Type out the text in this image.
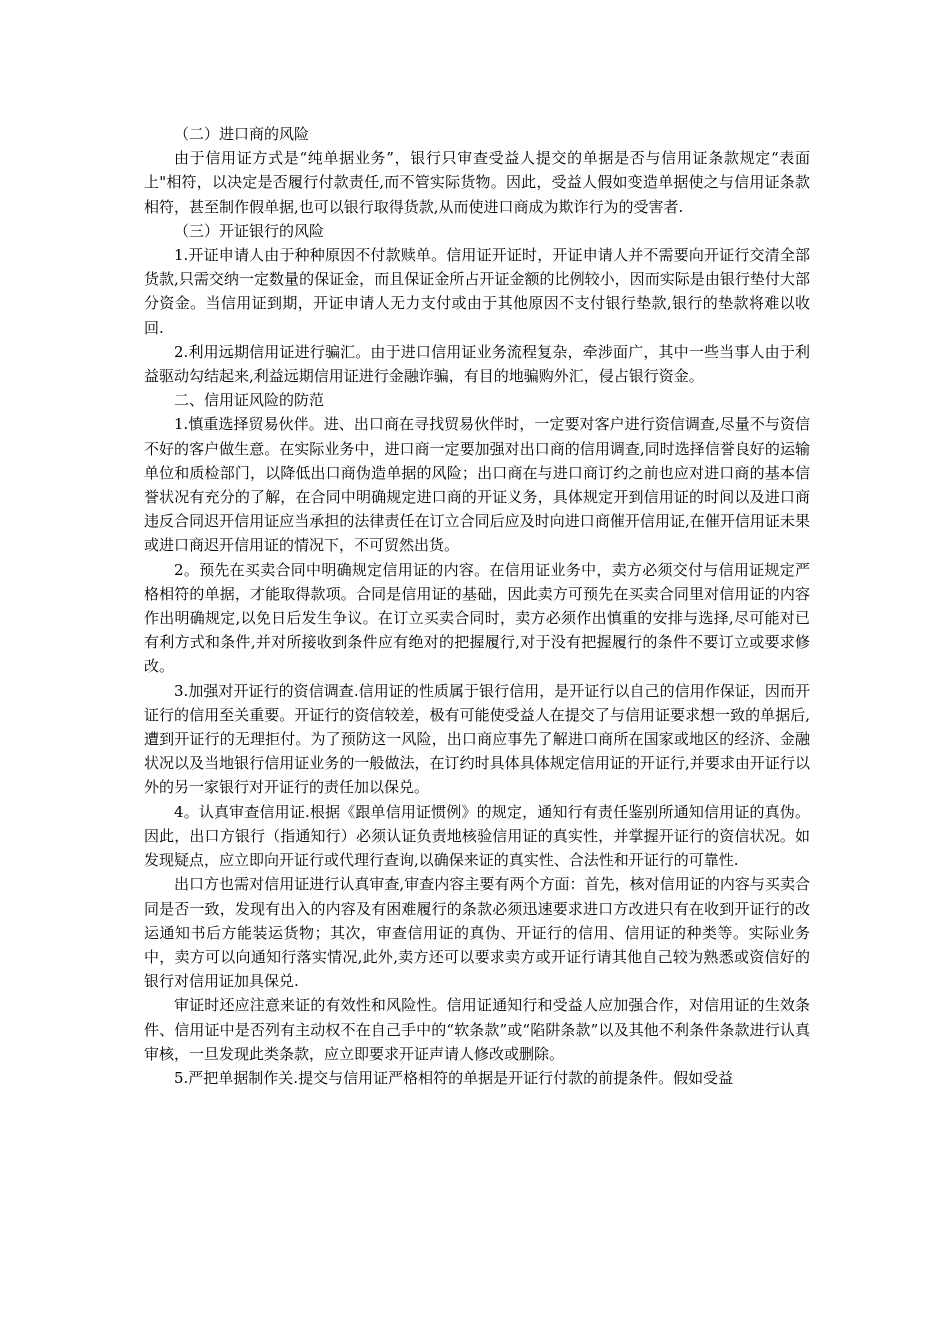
（二）进口商的风险

由于信用证方式是“纯单据业务”，银行只审查受益人提交的单据是否与信用证条款规定“表面上"相符，以决定是否履行付款责任,而不管实际货物。因此，受益人假如变造单据使之与信用证条款相符，甚至制作假单据,也可以银行取得货款,从而使进口商成为欺诈行为的受害者.

（三）开证银行的风险

1.开证申请人由于种种原因不付款赎单。信用证开证时，开证申请人并不需要向开证行交清全部货款,只需交纳一定数量的保证金，而且保证金所占开证金额的比例较小，因而实际是由银行垫付大部分资金。当信用证到期，开证申请人无力支付或由于其他原因不支付银行垫款,银行的垫款将难以收回.

2.利用远期信用证进行骗汇。由于进口信用证业务流程复杂，牵涉面广，其中一些当事人由于利益驱动勾结起来,利益远期信用证进行金融诈骗，有目的地骗购外汇，侵占银行资金。

二、信用证风险的防范

1.慎重选择贸易伙伴。进、出口商在寻找贸易伙伴时，一定要对客户进行资信调查,尽量不与资信不好的客户做生意。在实际业务中，进口商一定要加强对出口商的信用调查,同时选择信誉良好的运输单位和质检部门，以降低出口商伪造单据的风险；出口商在与进口商订约之前也应对进口商的基本信誉状况有充分的了解，在合同中明确规定进口商的开证义务，具体规定开到信用证的时间以及进口商违反合同迟开信用证应当承担的法律责任在订立合同后应及时向进口商催开信用证,在催开信用证未果或进口商迟开信用证的情况下，不可贸然出货。

2。预先在买卖合同中明确规定信用证的内容。在信用证业务中，卖方必须交付与信用证规定严格相符的单据，才能取得款项。合同是信用证的基础，因此卖方可预先在买卖合同里对信用证的内容作出明确规定,以免日后发生争议。在订立买卖合同时，卖方必须作出慎重的安排与选择,尽可能对已有利方式和条件,并对所接收到条件应有绝对的把握履行,对于没有把握履行的条件不要订立或要求修改。

3.加强对开证行的资信调查.信用证的性质属于银行信用，是开证行以自己的信用作保证，因而开证行的信用至关重要。开证行的资信较差，极有可能使受益人在提交了与信用证要求想一致的单据后,遭到开证行的无理拒付。为了预防这一风险，出口商应事先了解进口商所在国家或地区的经济、金融状况以及当地银行信用证业务的一般做法，在订约时具体具体规定信用证的开证行,并要求由开证行以外的另一家银行对开证行的责任加以保兑。

4。认真审查信用证.根据《跟单信用证惯例》的规定，通知行有责任鉴别所通知信用证的真伪。因此，出口方银行（指通知行）必须认证负责地核验信用证的真实性，并掌握开证行的资信状况。如发现疑点，应立即向开证行或代理行查询,以确保来证的真实性、合法性和开证行的可靠性.

出口方也需对信用证进行认真审查,审查内容主要有两个方面：首先，核对信用证的内容与买卖合同是否一致，发现有出入的内容及有困难履行的条款必须迅速要求进口方改进只有在收到开证行的改运通知书后方能装运货物；其次，审查信用证的真伪、开证行的信用、信用证的种类等。实际业务中，卖方可以向通知行落实情况,此外,卖方还可以要求卖方或开证行请其他自己较为熟悉或资信好的银行对信用证加具保兑.

审证时还应注意来证的有效性和风险性。信用证通知行和受益人应加强合作，对信用证的生效条件、信用证中是否列有主动权不在自己手中的“软条款”或“陷阱条款”以及其他不利条件条款进行认真审核，一旦发现此类条款，应立即要求开证声请人修改或删除。

5.严把单据制作关.提交与信用证严格相符的单据是开证行付款的前提条件。假如受益
